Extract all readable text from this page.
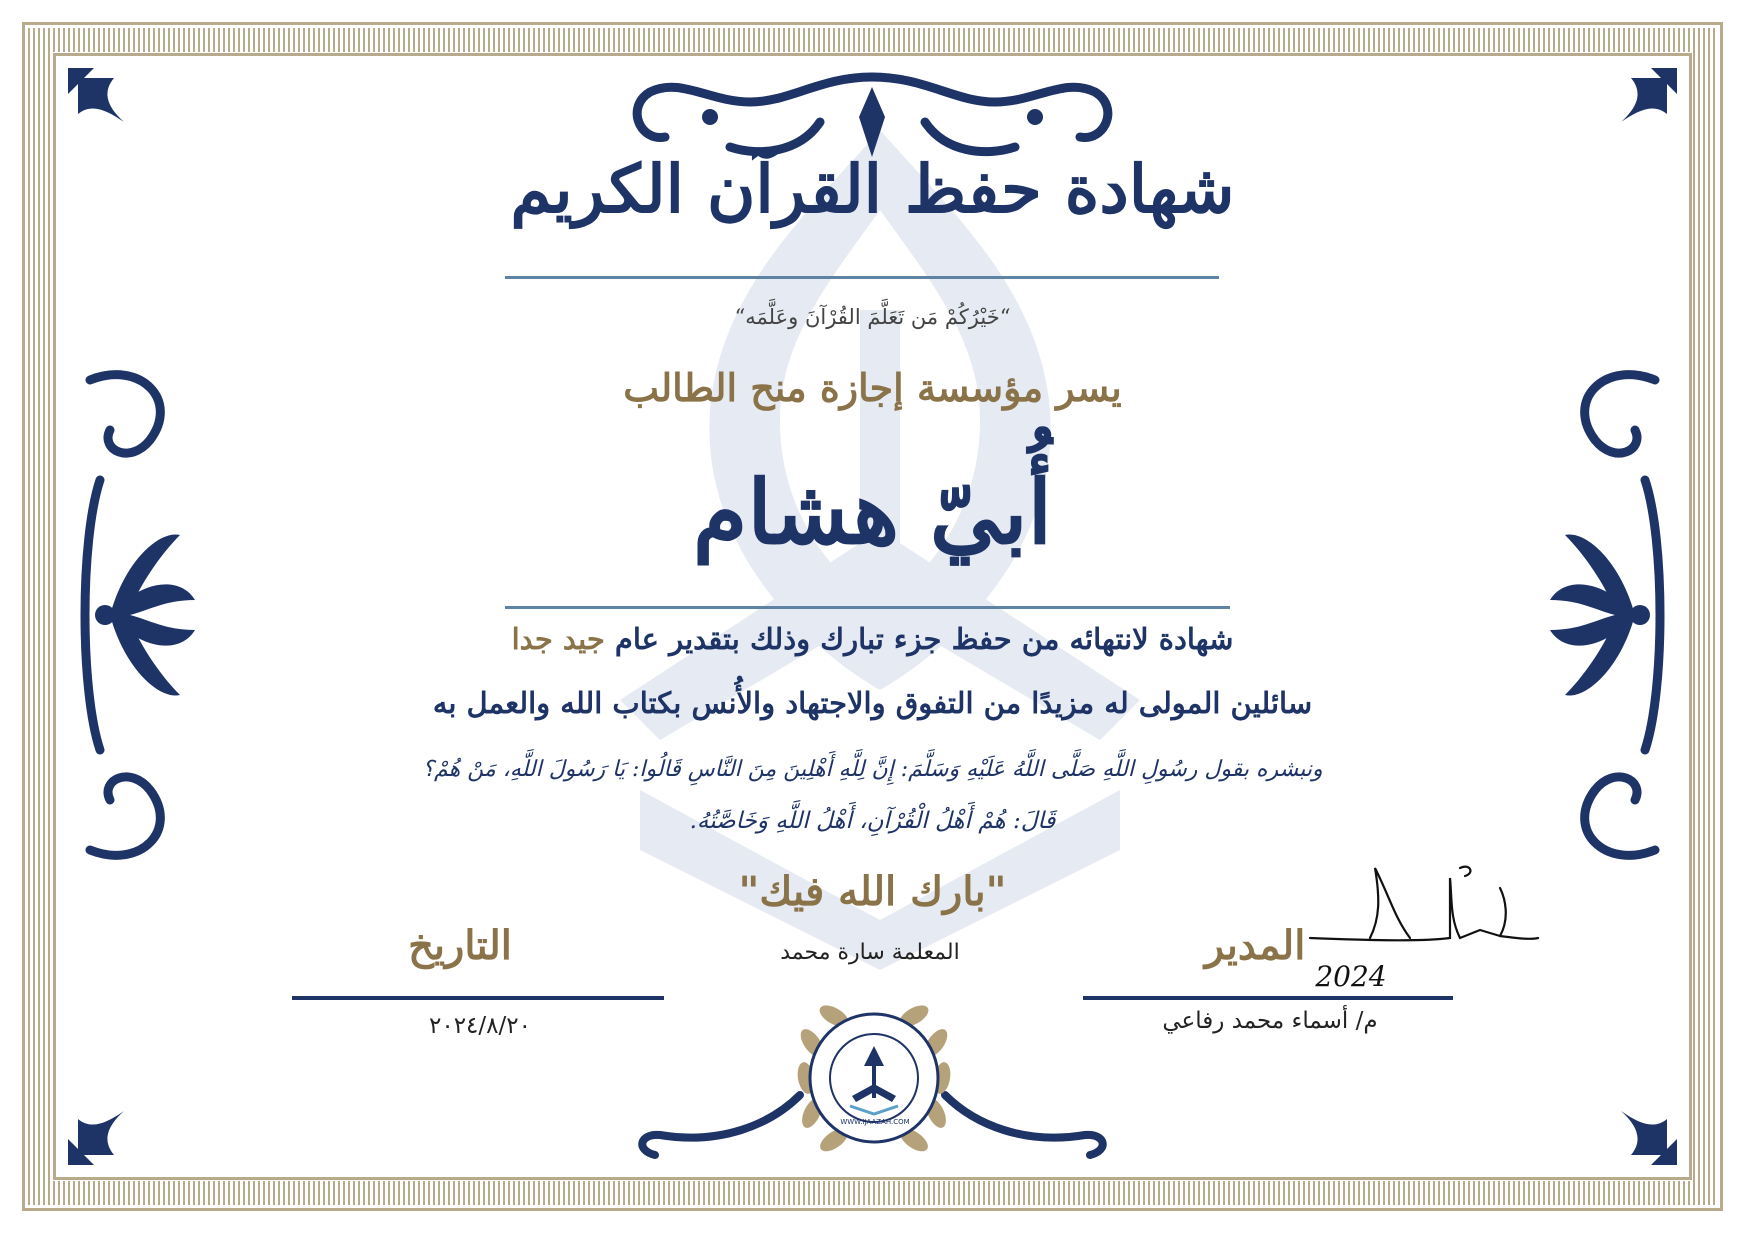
شهادة حفظ القرآن الكريم
“خَيْرُكُمْ مَن تَعَلَّمَ القُرْآنَ وعَلَّمَه“
يسر مؤسسة إجازة منح الطالب
أُبيّ هشام
شهادة لانتهائه من حفظ جزء تبارك وذلك بتقدير عام جيد جدا
سائلين المولى له مزيدًا من التفوق والاجتهاد والأُنس بكتاب الله والعمل به
ونبشره بقول رسُولِ اللَّهِ صَلَّى اللَّهُ عَلَيْهِ وَسَلَّمَ: إِنَّ لِلَّهِ أَهْلِينَ مِنَ النَّاسِ قَالُوا: يَا رَسُولَ اللَّهِ، مَنْ هُمْ؟
قَالَ: هُمْ أَهْلُ الْقُرْآنِ، أَهْلُ اللَّهِ وَخَاصَّتُهُ.
"بارك الله فيك"
التاريخ
٢٠٢٤/٨/٢٠
المعلمة سارة محمد	المدير
2024
م/ أسماء محمد رفاعي
WWW.IJAAZAH.COM
